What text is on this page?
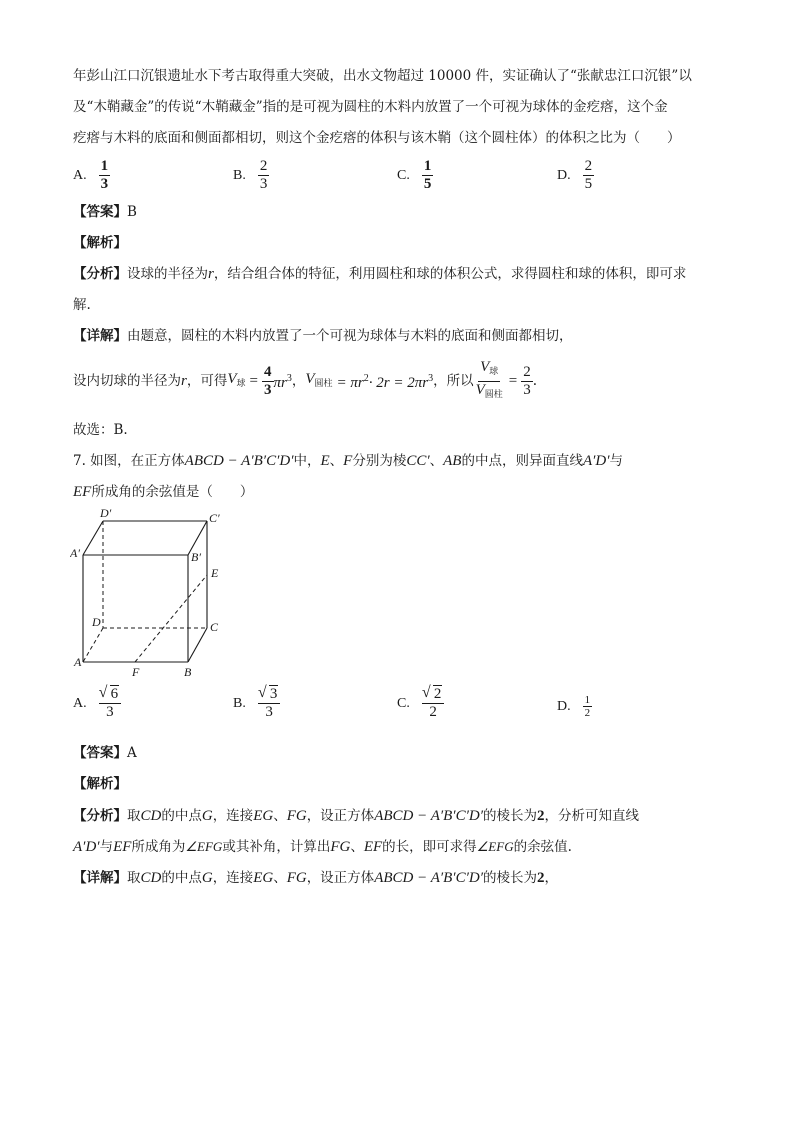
年彭山江口沉银遗址水下考古取得重大突破，出水文物超过 10000 件，实证确认了“张献忠江口沉银”以
及“木鞘藏金”的传说“木鞘藏金”指的是可视为圆柱的木料内放置了一个可视为球体的金疙瘩，这个金
疙瘩与木料的底面和侧面都相切，则这个金疙瘩的体积与该木鞘（这个圆柱体）的体积之比为（　　）
A. $\frac{1}{3}$	B. $\frac{2}{3}$	C. $\frac{1}{5}$	D. $\frac{2}{5}$
【答案】B
【解析】
【分析】设球的半径为r，结合组合体的特征，利用圆柱和球的体积公式，求得圆柱和球的体积，即可求
解.
【详解】由题意，圆柱的木料内放置了一个可视为球体与木料的底面和侧面都相切，
设内切球的半径为 r ，可得 $V_球 = \frac{4}{3} \pi r^3$ ， $V_{圆柱} = \pi r^2\cdot 2r = 2\pi r^3$ ，所以 $\frac{V_球}{V_{圆柱}} = \frac{2}{3}$ .
故选：B.
7. 如图，在正方体ABCD − A′B′C′D′中，E、F分别为棱CC′、AB的中点，则异面直线A′D′与
EF所成角的余弦值是（　　）
D′	C′
A′	B′
E
D	C
A
F	B
A. √ $\frac{6}{3}$	B. √ $\frac{3}{3}$	C. √ $\frac{2}{2}$	D. $\frac{1}{2}$
【答案】A
【解析】
【分析】取CD的中点G，连接EG、FG，设正方体ABCD − A′B′C′D′的棱长为2，分析可知直线
A′D′与EF所成角为∠EFG或其补角，计算出FG、EF的长，即可求得∠EFG的余弦值.
【详解】取CD的中点G，连接EG、FG，设正方体ABCD − A′B′C′D′的棱长为2，
